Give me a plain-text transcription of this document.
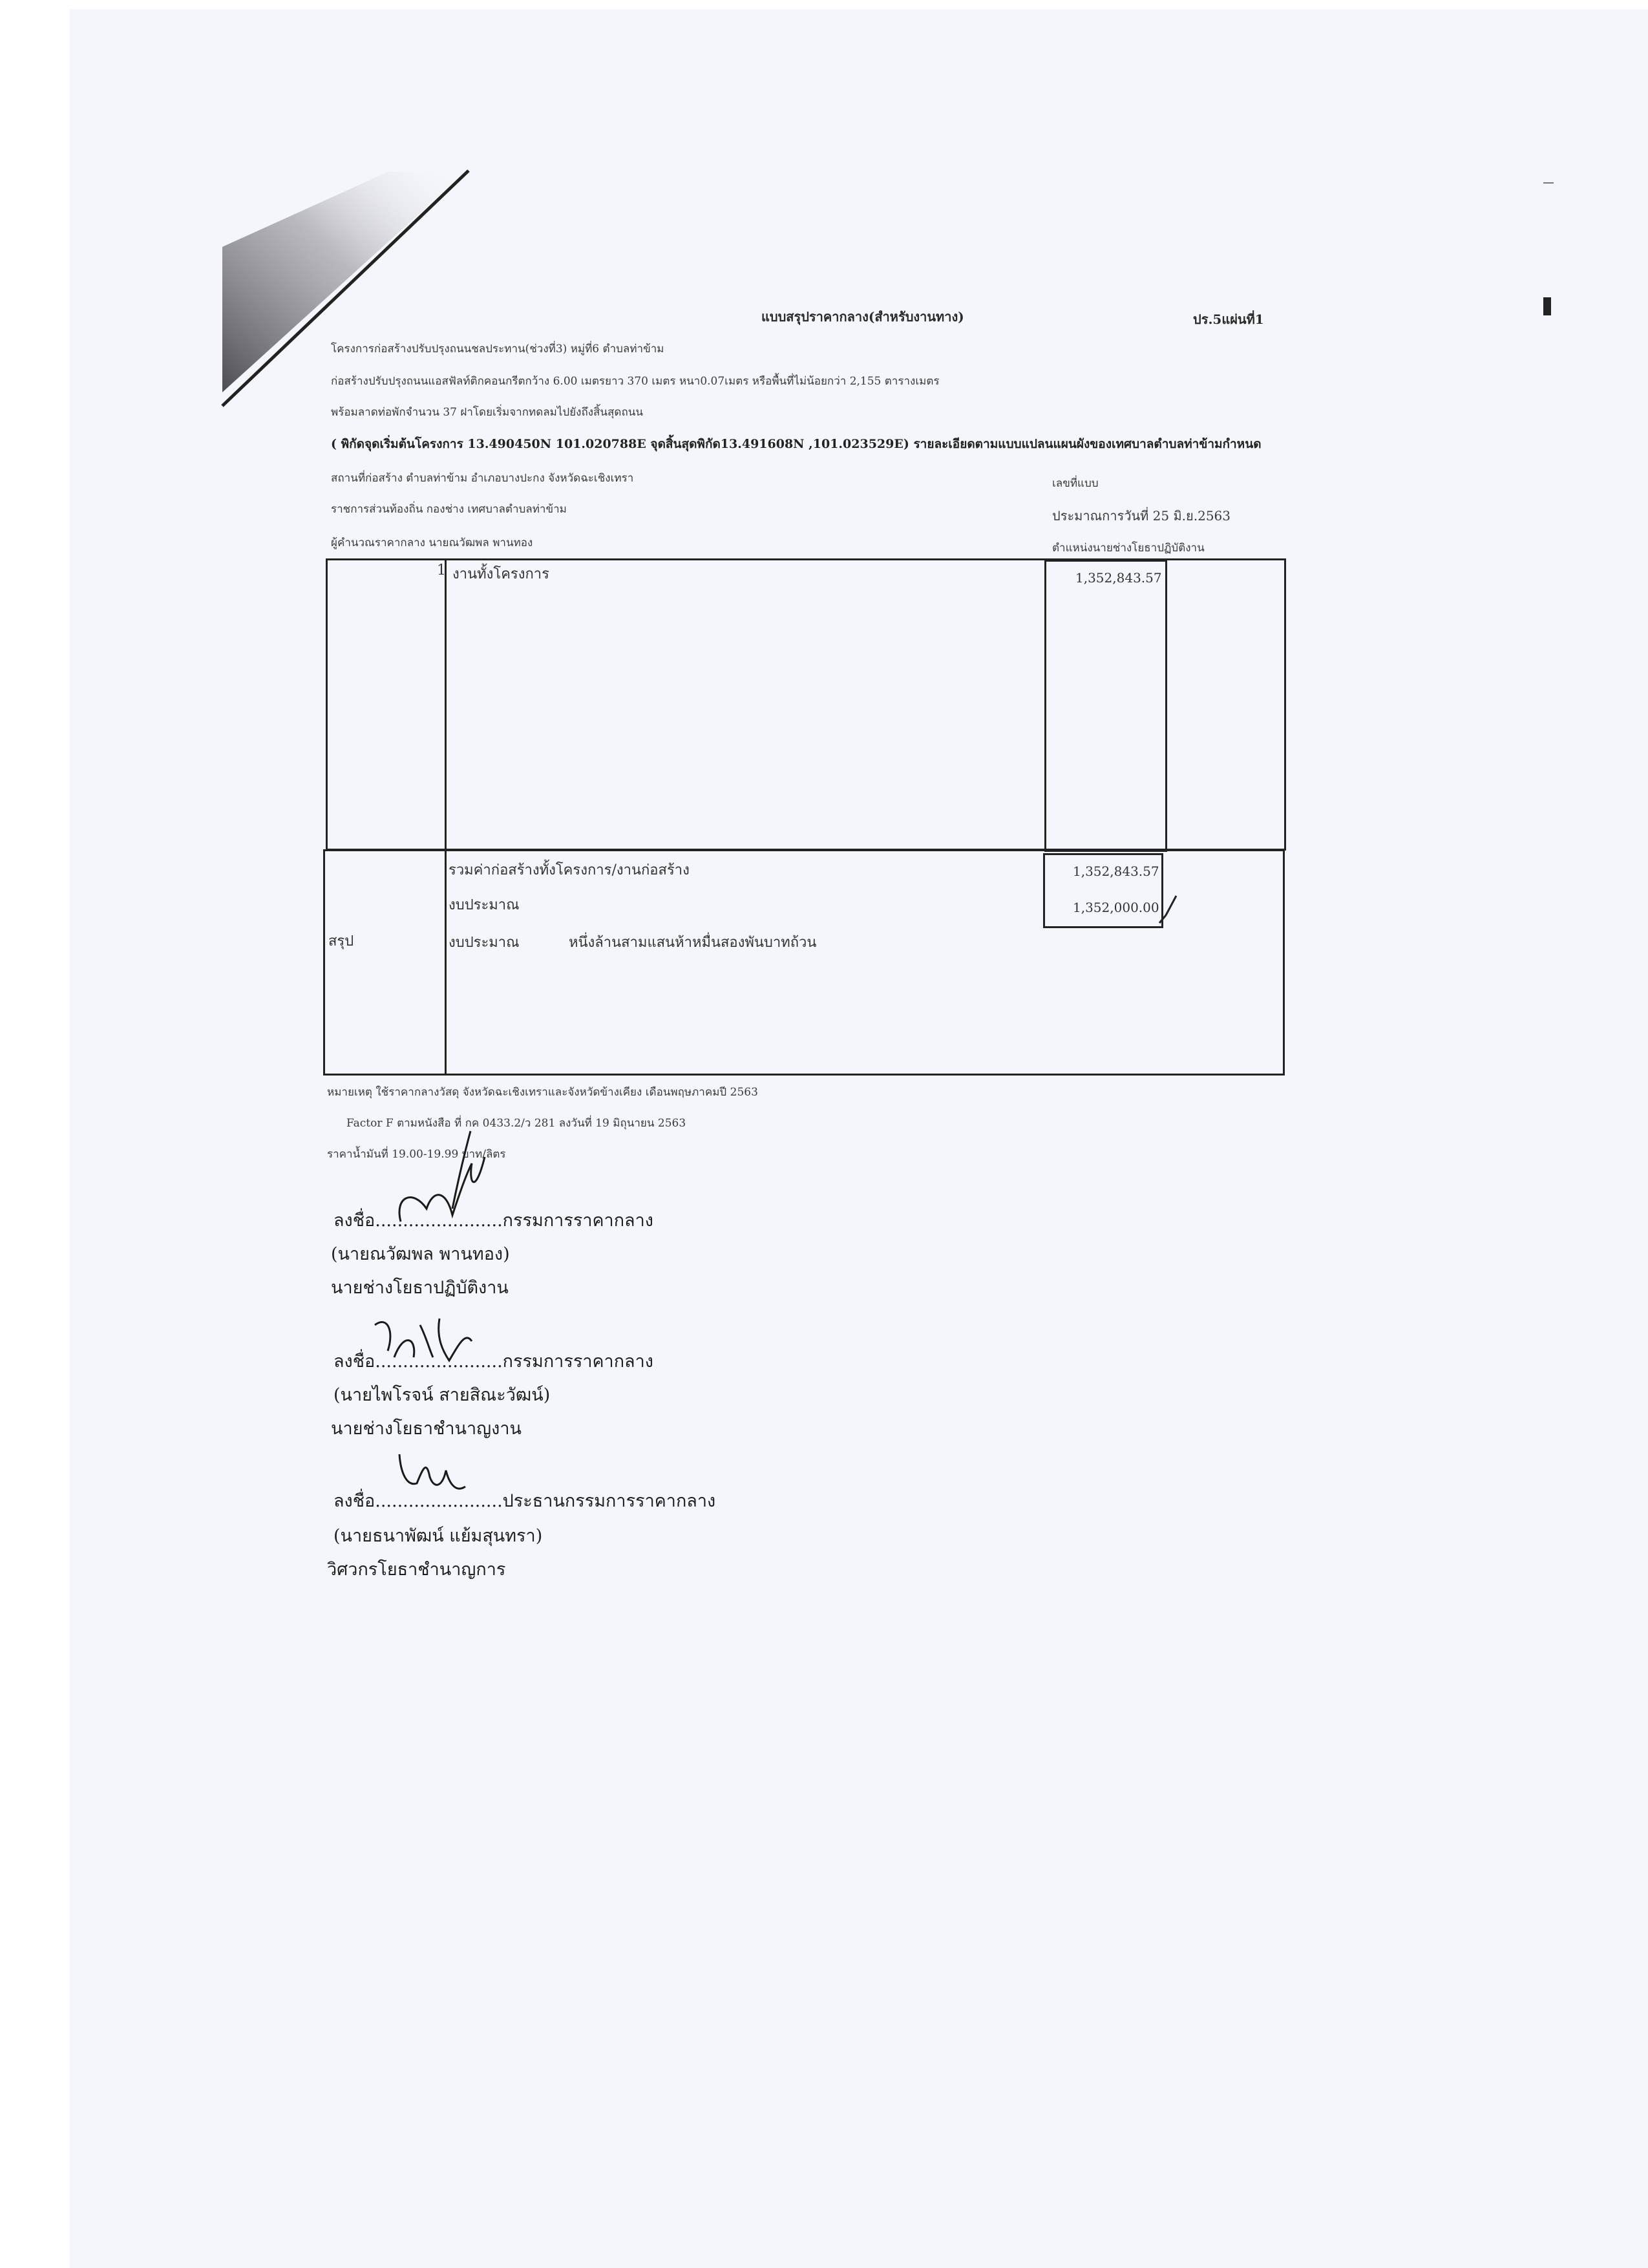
แบบสรุปราคากลาง(สำหรับงานทาง)	ปร.5แผ่นที่1
โครงการก่อสร้างปรับปรุงถนนชลประทาน(ช่วงที่3) หมู่ที่6 ตำบลท่าข้าม
ก่อสร้างปรับปรุงถนนแอสฟัลท์ติกคอนกรีตกว้าง 6.00 เมตรยาว 370 เมตร หนา0.07เมตร หรือพื้นที่ไม่น้อยกว่า 2,155 ตารางเมตร
พร้อมลาดท่อพักจำนวน 37 ฝาโดยเริ่มจากทดลมไปยังถึงสิ้นสุดถนน
( พิกัดจุดเริ่มต้นโครงการ 13.490450N 101.020788E จุดสิ้นสุดพิกัด13.491608N ,101.023529E) รายละเอียดตามแบบแปลนแผนผังของเทศบาลตำบลท่าข้ามกำหนด
สถานที่ก่อสร้าง ตำบลท่าข้าม อำเภอบางปะกง จังหวัดฉะเชิงเทรา
ราชการส่วนท้องถิ่น กองช่าง เทศบาลตำบลท่าข้าม
ผู้คำนวณราคากลาง นายณวัฒพล พานทอง
เลขที่แบบ
ประมาณการวันที่ 25 มิ.ย.2563
ตำแหน่งนายช่างโยธาปฏิบัติงาน
1 งานทั้งโครงการ	1,352,843.57
สรุป
รวมค่าก่อสร้างทั้งโครงการ/งานก่อสร้าง	1,352,843.57
งบประมาณ	1,352,000.00
งบประมาณ	หนึ่งล้านสามแสนห้าหมื่นสองพันบาทถ้วน
หมายเหตุ ใช้ราคากลางวัสดุ จังหวัดฉะเชิงเทราและจังหวัดข้างเคียง เดือนพฤษภาคมปี 2563
Factor F ตามหนังสือ ที่ กค 0433.2/ว 281 ลงวันที่ 19 มิถุนายน 2563
ราคาน้ำมันที่ 19.00-19.99 บาท/ลิตร
ลงชื่อ.......................กรรมการราคากลาง
(นายณวัฒพล พานทอง)
นายช่างโยธาปฏิบัติงาน
ลงชื่อ.......................กรรมการราคากลาง
(นายไพโรจน์ สายสิณะวัฒน์)
นายช่างโยธาชำนาญงาน
ลงชื่อ.......................ประธานกรรมการราคากลาง
(นายธนาพัฒน์ แย้มสุนทรา)
วิศวกรโยธาชำนาญการ
